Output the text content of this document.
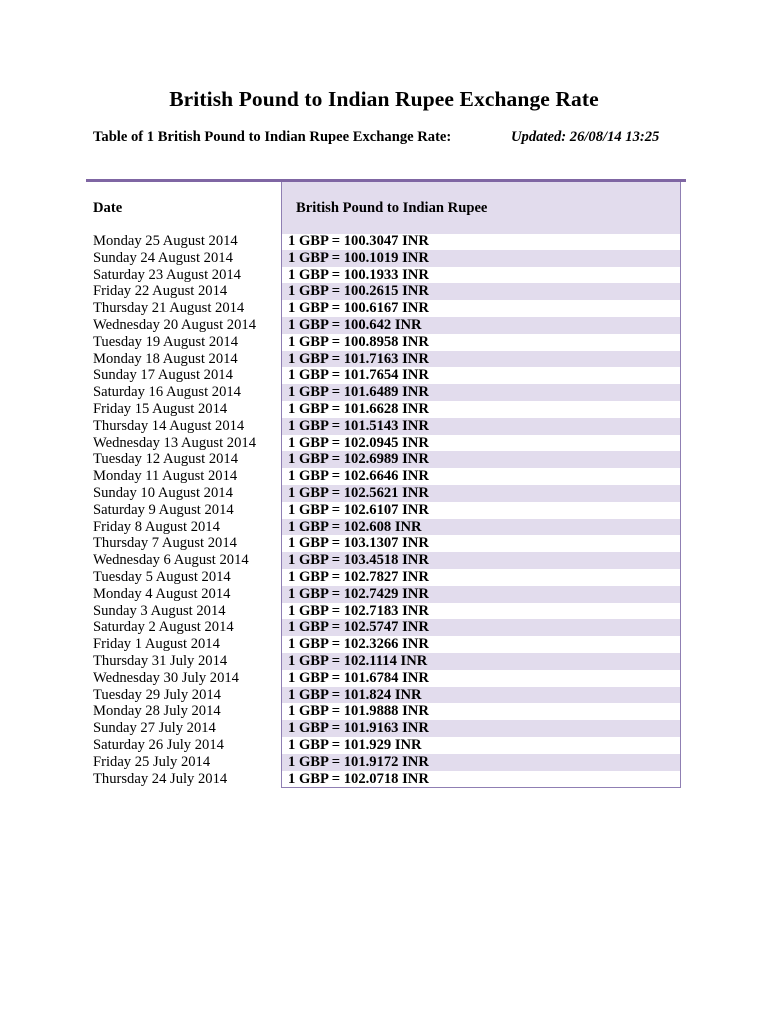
British Pound to Indian Rupee Exchange Rate
Table of 1 British Pound to Indian Rupee Exchange Rate:	Updated: 26/08/14 13:25
Date	British Pound to Indian Rupee
Monday 25 August 2014	1 GBP = 100.3047 INR
Sunday 24 August 2014	1 GBP = 100.1019 INR
Saturday 23 August 2014	1 GBP = 100.1933 INR
Friday 22 August 2014	1 GBP = 100.2615 INR
Thursday 21 August 2014	1 GBP = 100.6167 INR
Wednesday 20 August 2014	1 GBP = 100.642 INR
Tuesday 19 August 2014	1 GBP = 100.8958 INR
Monday 18 August 2014	1 GBP = 101.7163 INR
Sunday 17 August 2014	1 GBP = 101.7654 INR
Saturday 16 August 2014	1 GBP = 101.6489 INR
Friday 15 August 2014	1 GBP = 101.6628 INR
Thursday 14 August 2014	1 GBP = 101.5143 INR
Wednesday 13 August 2014	1 GBP = 102.0945 INR
Tuesday 12 August 2014	1 GBP = 102.6989 INR
Monday 11 August 2014	1 GBP = 102.6646 INR
Sunday 10 August 2014	1 GBP = 102.5621 INR
Saturday 9 August 2014	1 GBP = 102.6107 INR
Friday 8 August 2014	1 GBP = 102.608 INR
Thursday 7 August 2014	1 GBP = 103.1307 INR
Wednesday 6 August 2014	1 GBP = 103.4518 INR
Tuesday 5 August 2014	1 GBP = 102.7827 INR
Monday 4 August 2014	1 GBP = 102.7429 INR
Sunday 3 August 2014	1 GBP = 102.7183 INR
Saturday 2 August 2014	1 GBP = 102.5747 INR
Friday 1 August 2014	1 GBP = 102.3266 INR
Thursday 31 July 2014	1 GBP = 102.1114 INR
Wednesday 30 July 2014	1 GBP = 101.6784 INR
Tuesday 29 July 2014	1 GBP = 101.824 INR
Monday 28 July 2014	1 GBP = 101.9888 INR
Sunday 27 July 2014	1 GBP = 101.9163 INR
Saturday 26 July 2014	1 GBP = 101.929 INR
Friday 25 July 2014	1 GBP = 101.9172 INR
Thursday 24 July 2014	1 GBP = 102.0718 INR
